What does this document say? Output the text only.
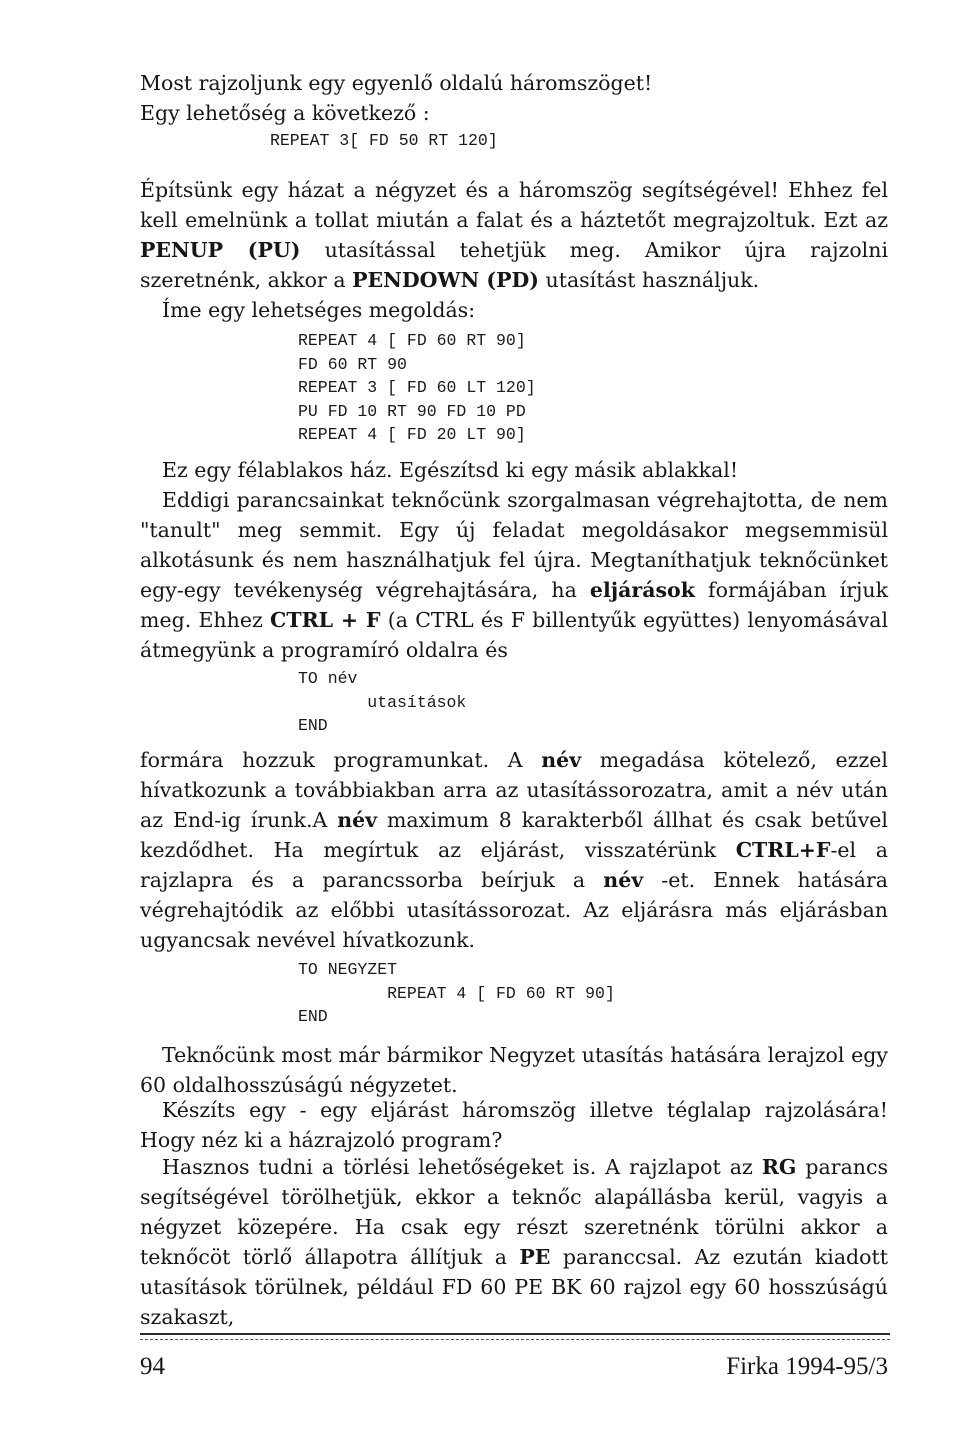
Most rajzoljunk egy egyenlő oldalú háromszöget!

Egy lehetőség a következő :

REPEAT 3[ FD 50 RT 120]

Építsünk egy házat a négyzet és a háromszög segítségével! Ehhez fel kell emelnünk a tollat miután a falat és a háztetőt megrajzoltuk. Ezt az PENUP (PU) utasítással tehetjük meg. Amikor újra rajzolni szeretnénk, akkor a PENDOWN (PD) utasítást használjuk.

Íme egy lehetséges megoldás:

REPEAT 4 [ FD 60 RT 90]
FD 60 RT 90
REPEAT 3 [ FD 60 LT 120]
PU FD 10 RT 90 FD 10 PD
REPEAT 4 [ FD 20 LT 90]

Ez egy félablakos ház. Egészítsd ki egy másik ablakkal!

Eddigi parancsainkat teknőcünk szorgalmasan végrehajtotta, de nem "tanult" meg semmit. Egy új feladat megoldásakor megsemmisül alkotásunk és nem használhatjuk fel újra. Megtaníthatjuk teknőcünket egy-egy tevékenység végrehajtására, ha eljárások formájában írjuk meg. Ehhez CTRL + F (a CTRL és F billentyűk együttes) lenyomásával átmegyünk a programíró oldalra és

TO név
utasítások
END

formára hozzuk programunkat. A név megadása kötelező, ezzel hívatkozunk a továbbiakban arra az utasítássorozatra, amit a név után az End-ig írunk.A név maximum 8 karakterből állhat és csak betűvel kezdődhet. Ha megírtuk az eljárást, visszatérünk CTRL+F-el a rajzlapra és a parancssorba beírjuk a név -et. Ennek hatására végrehajtódik az előbbi utasítássorozat. Az eljárásra más eljárásban ugyancsak nevével hívatkozunk.

TO NEGYZET
REPEAT 4 [ FD 60 RT 90]
END

Teknőcünk most már bármikor Negyzet utasítás hatására lerajzol egy 60 oldalhosszúságú négyzetet.

Készíts egy - egy eljárást háromszög illetve téglalap rajzolására! Hogy néz ki a házrajzoló program?

Hasznos tudni a törlési lehetőségeket is. A rajzlapot az RG parancs segítségével törölhetjük, ekkor a teknőc alapállásba kerül, vagyis a négyzet közepére. Ha csak egy részt szeretnénk törülni akkor a teknőcöt törlő állapotra állítjuk a PE paranccsal. Az ezután kiadott utasítások törülnek, például FD 60 PE BK 60 rajzol egy 60 hosszúságú szakaszt,

94	Firka 1994-95/3
